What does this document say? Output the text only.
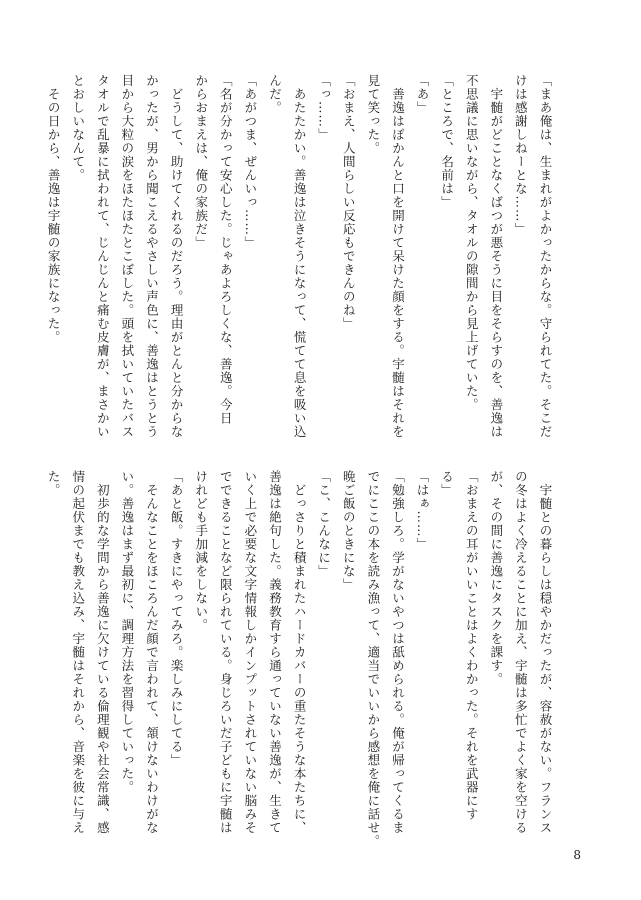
「まあ俺は、生まれがよかったからな。守られてた。そこだ

けは感謝しねーとな……」

　宇髄がどことなくばつが悪そうに目をそらすのを、善逸は

不思議に思いながら、タオルの隙間から見上げていた。

「ところで、名前は」

「あ」

　善逸はぽかんと口を開けて呆けた顔をする。宇髄はそれを

見て笑った。

「おまえ、人間らしい反応もできんのね」

「っ……」

　あたたかい。善逸は泣きそうになって、慌てて息を吸い込

んだ。

「あがつま、ぜんいっ……」

「名が分かって安心した。じゃあよろしくな、善逸。今日

からおまえは、俺の家族だ」

　どうして、助けてくれるのだろう。理由がとんと分からな

かったが、男から聞こえるやさしい声色に、善逸はとうとう

目から大粒の涙をほたほたとこぼした。頭を拭いていたバス

タオルで乱暴に拭われて、じんじんと痛む皮膚が、まさかい

とおしいなんて。

　その日から、善逸は宇髄の家族になった。

　宇髄との暮らしは穏やかだったが、容赦がない。フランス

の冬はよく冷えることに加え、宇髄は多忙でよく家を空ける

が、その間に善逸にタスクを課す。

「おまえの耳がいいことはよくわかった。それを武器にす

る」

「はぁ……」

「勉強しろ。学がないやつは舐められる。俺が帰ってくるま

でにここの本を読み漁って、適当でいいから感想を俺に話せ。

晩ご飯のときにな」

「こ、こんなに」

　どっさりと積まれたハードカバーの重たそうな本たちに、

善逸は絶句した。義務教育すら通っていない善逸が、生きて

いく上で必要な文字情報しかインプットされていない脳みそ

でできることなど限られている。身じろいだ子どもに宇髄は

けれども手加減をしない。

「あと飯。すきにやってみろ。楽しみにしてる」

　そんなことをほころんだ顔で言われて、頷けないわけがな

い。善逸はまず最初に、調理方法を習得していった。

　初歩的な学問から善逸に欠けている倫理観や社会常識、感

情の起伏までも教え込み、宇髄はそれから、音楽を彼に与え

た。

8
